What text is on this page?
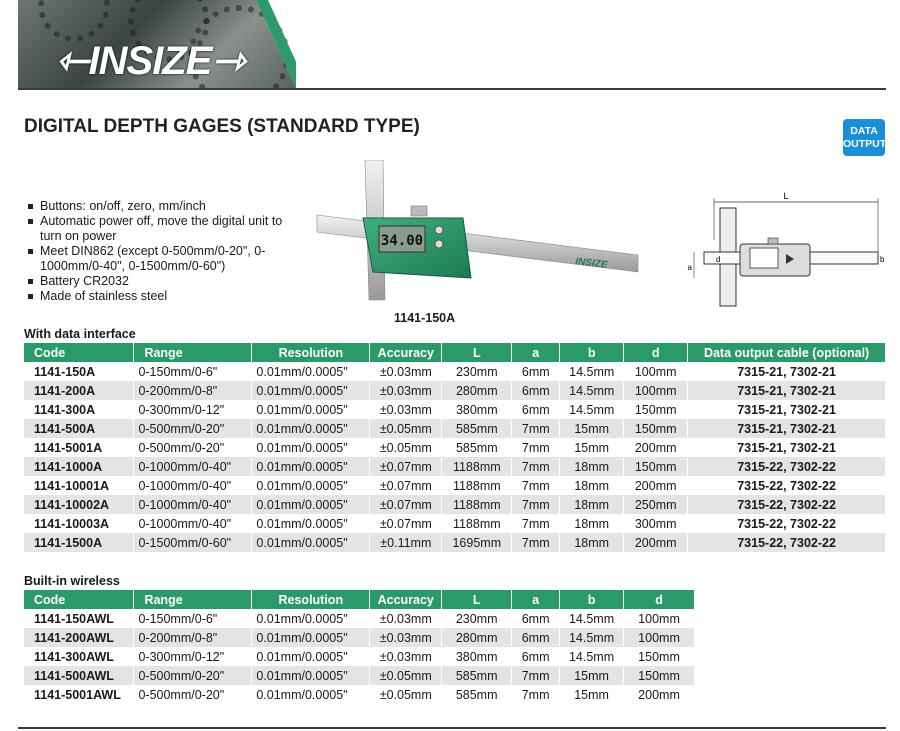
⇽INSIZE⇾
DIGITAL DEPTH GAGES (STANDARD TYPE)	DATA
OUTPUT
Buttons: on/off, zero, mm/inch
Automatic power off, move the digital unit to turn on power
Meet DIN862 (except 0-500mm/0-20", 0-1000mm/0-40", 0-1500mm/0-60")
Battery CR2032
Made of stainless steel
34.00
INSIZE
1141-150A
L
a
d	b
With data interface
Code	Range	Resolution	Accuracy	L	a	b	d	Data output cable (optional)
1141-150A	0-150mm/0-6"	0.01mm/0.0005"	±0.03mm	230mm	6mm	14.5mm	100mm	7315-21, 7302-21
1141-200A	0-200mm/0-8"	0.01mm/0.0005"	±0.03mm	280mm	6mm	14.5mm	100mm	7315-21, 7302-21
1141-300A	0-300mm/0-12"	0.01mm/0.0005"	±0.03mm	380mm	6mm	14.5mm	150mm	7315-21, 7302-21
1141-500A	0-500mm/0-20"	0.01mm/0.0005"	±0.05mm	585mm	7mm	15mm	150mm	7315-21, 7302-21
1141-5001A	0-500mm/0-20"	0.01mm/0.0005"	±0.05mm	585mm	7mm	15mm	200mm	7315-21, 7302-21
1141-1000A	0-1000mm/0-40"	0.01mm/0.0005"	±0.07mm	1188mm	7mm	18mm	150mm	7315-22, 7302-22
1141-10001A	0-1000mm/0-40"	0.01mm/0.0005"	±0.07mm	1188mm	7mm	18mm	200mm	7315-22, 7302-22
1141-10002A	0-1000mm/0-40"	0.01mm/0.0005"	±0.07mm	1188mm	7mm	18mm	250mm	7315-22, 7302-22
1141-10003A	0-1000mm/0-40"	0.01mm/0.0005"	±0.07mm	1188mm	7mm	18mm	300mm	7315-22, 7302-22
1141-1500A	0-1500mm/0-60"	0.01mm/0.0005"	±0.11mm	1695mm	7mm	18mm	200mm	7315-22, 7302-22
Built-in wireless
Code	Range	Resolution	Accuracy	L	a	b	d
1141-150AWL	0-150mm/0-6"	0.01mm/0.0005"	±0.03mm	230mm	6mm	14.5mm	100mm
1141-200AWL	0-200mm/0-8"	0.01mm/0.0005"	±0.03mm	280mm	6mm	14.5mm	100mm
1141-300AWL	0-300mm/0-12"	0.01mm/0.0005"	±0.03mm	380mm	6mm	14.5mm	150mm
1141-500AWL	0-500mm/0-20"	0.01mm/0.0005"	±0.05mm	585mm	7mm	15mm	150mm
1141-5001AWL	0-500mm/0-20"	0.01mm/0.0005"	±0.05mm	585mm	7mm	15mm	200mm
